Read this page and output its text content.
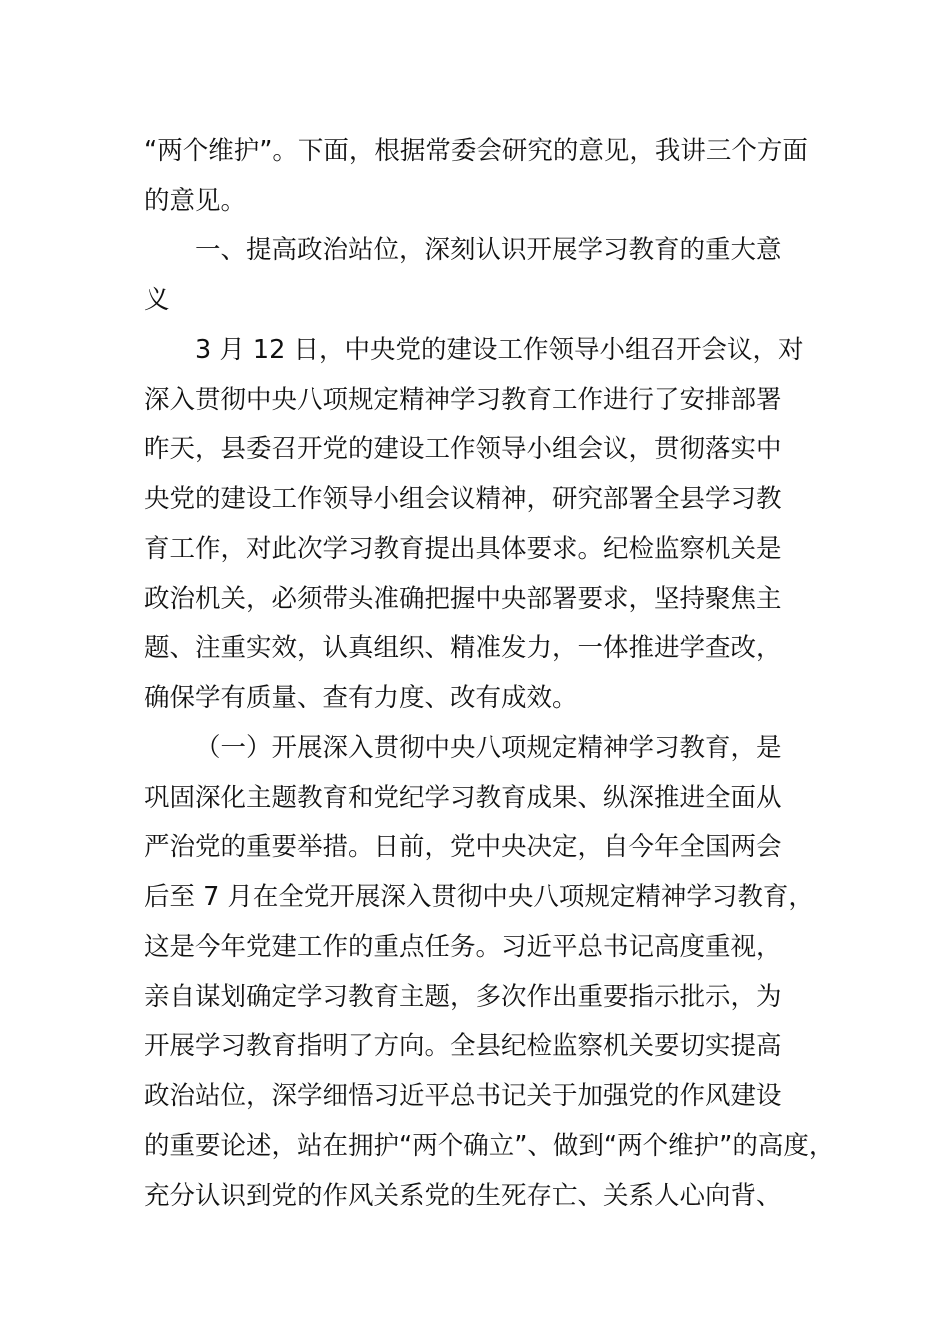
“两个维护”。下面，根据常委会研究的意见，我讲三个方面
的意见。
一、提高政治站位，深刻认识开展学习教育的重大意
义
3 月 12 日，中央党的建设工作领导小组召开会议，对
深入贯彻中央八项规定精神学习教育工作进行了安排部署
昨天，县委召开党的建设工作领导小组会议，贯彻落实中
央党的建设工作领导小组会议精神，研究部署全县学习教
育工作，对此次学习教育提出具体要求。纪检监察机关是
政治机关，必须带头准确把握中央部署要求，坚持聚焦主
题、注重实效，认真组织、精准发力，一体推进学查改，
确保学有质量、查有力度、改有成效。
（一）开展深入贯彻中央八项规定精神学习教育，是
巩固深化主题教育和党纪学习教育成果、纵深推进全面从
严治党的重要举措。日前，党中央决定，自今年全国两会
后至 7 月在全党开展深入贯彻中央八项规定精神学习教育，
这是今年党建工作的重点任务。习近平总书记高度重视，
亲自谋划确定学习教育主题，多次作出重要指示批示，为
开展学习教育指明了方向。全县纪检监察机关要切实提高
政治站位，深学细悟习近平总书记关于加强党的作风建设
的重要论述，站在拥护“两个确立”、做到“两个维护”的高度，
充分认识到党的作风关系党的生死存亡、关系人心向背、
